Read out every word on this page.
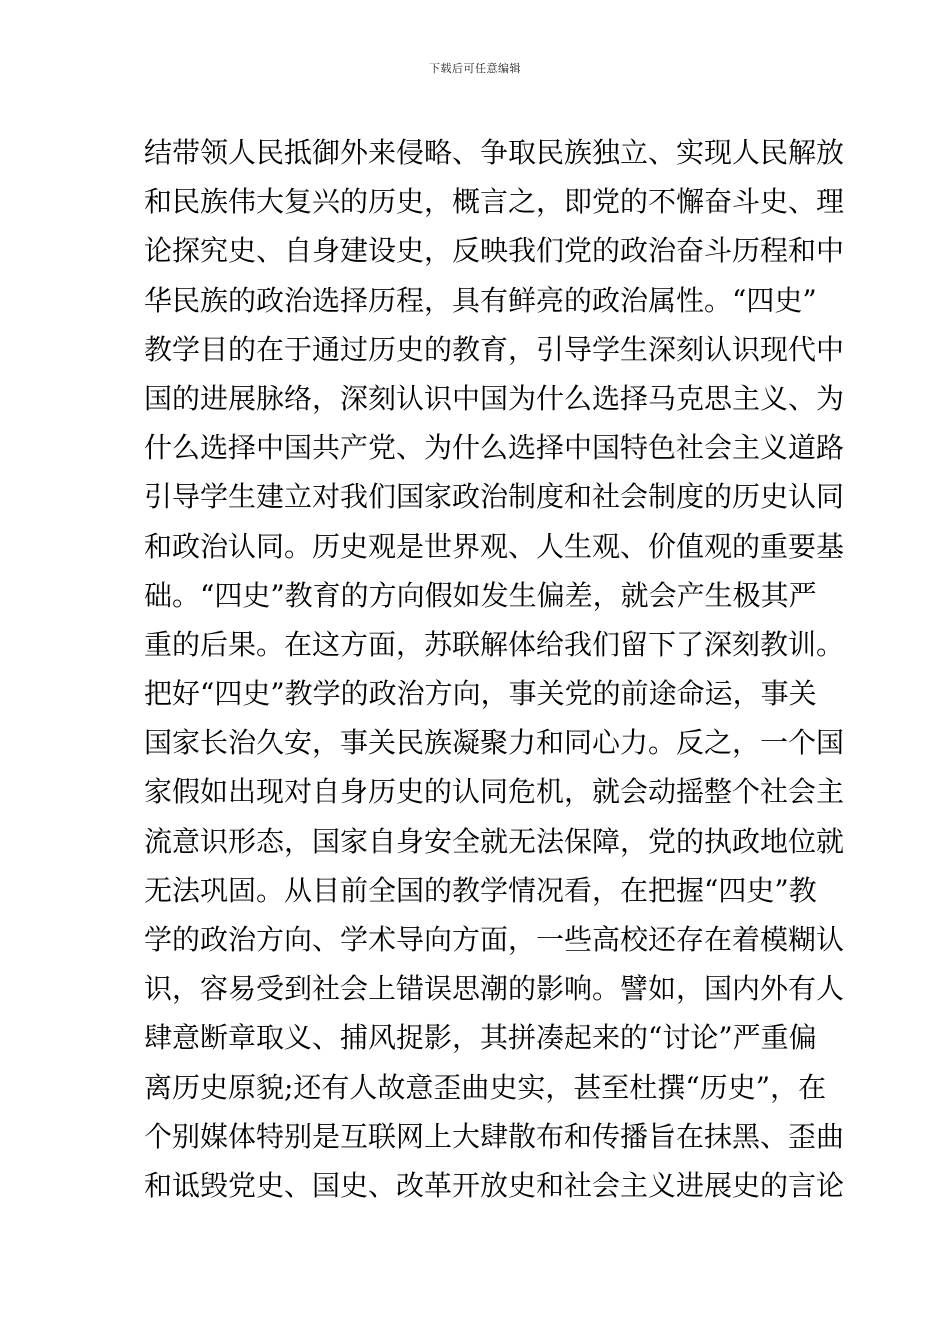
下载后可任意编辑
结带领人民抵御外来侵略、争取民族独立、实现人民解放
和民族伟大复兴的历史，概言之，即党的不懈奋斗史、理
论探究史、自身建设史，反映我们党的政治奋斗历程和中
华民族的政治选择历程，具有鲜亮的政治属性。“四史”
教学目的在于通过历史的教育，引导学生深刻认识现代中
国的进展脉络，深刻认识中国为什么选择马克思主义、为
什么选择中国共产党、为什么选择中国特色社会主义道路
引导学生建立对我们国家政治制度和社会制度的历史认同
和政治认同。历史观是世界观、人生观、价值观的重要基
础。“四史”教育的方向假如发生偏差，就会产生极其严
重的后果。在这方面，苏联解体给我们留下了深刻教训。
把好“四史”教学的政治方向，事关党的前途命运，事关
国家长治久安，事关民族凝聚力和同心力。反之，一个国
家假如出现对自身历史的认同危机，就会动摇整个社会主
流意识形态，国家自身安全就无法保障，党的执政地位就
无法巩固。从目前全国的教学情况看，在把握“四史”教
学的政治方向、学术导向方面，一些高校还存在着模糊认
识，容易受到社会上错误思潮的影响。譬如，国内外有人
肆意断章取义、捕风捉影，其拼凑起来的“讨论”严重偏
离历史原貌;还有人故意歪曲史实，甚至杜撰“历史”，在
个别媒体特别是互联网上大肆散布和传播旨在抹黑、歪曲
和诋毁党史、国史、改革开放史和社会主义进展史的言论
